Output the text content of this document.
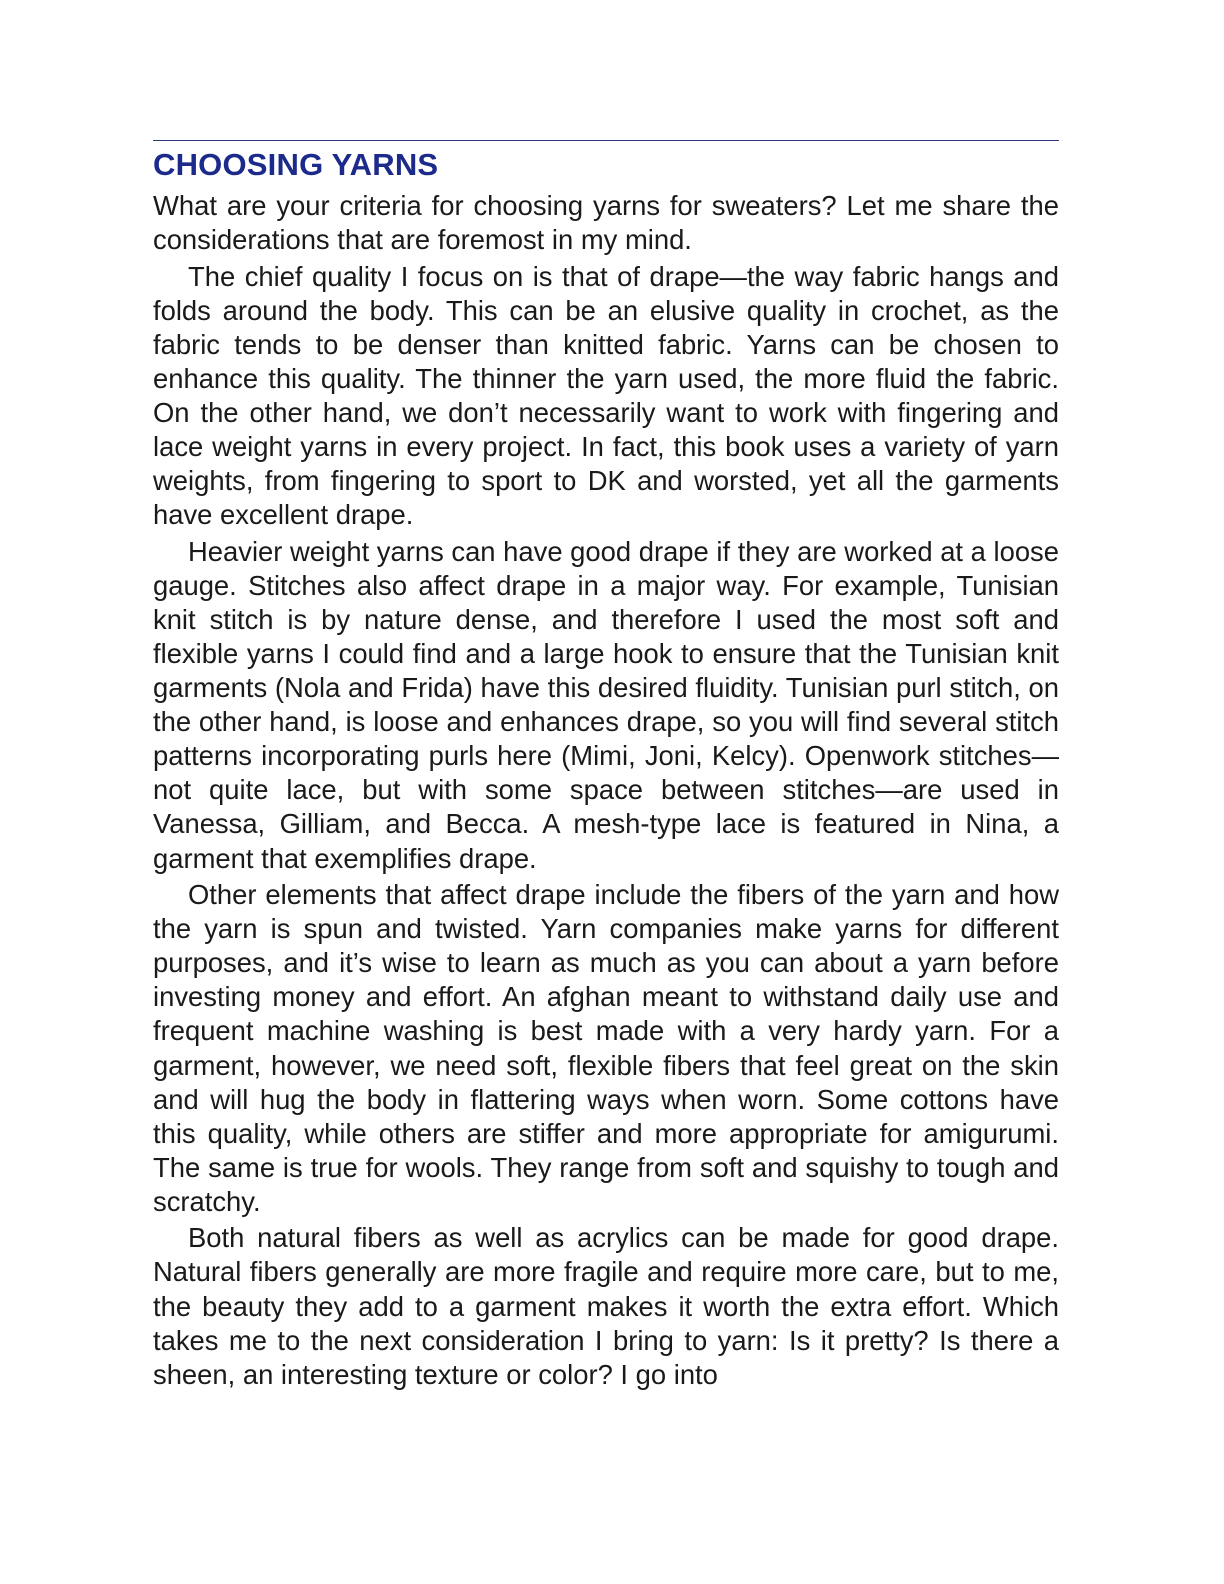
CHOOSING YARNS

What are your criteria for choosing yarns for sweaters? Let me share the considerations that are foremost in my mind.

The chief quality I focus on is that of drape—the way fabric hangs and folds around the body. This can be an elusive quality in crochet, as the fabric tends to be denser than knitted fabric. Yarns can be chosen to enhance this quality. The thinner the yarn used, the more fluid the fabric. On the other hand, we don’t necessarily want to work with fingering and lace weight yarns in every project. In fact, this book uses a variety of yarn weights, from fingering to sport to DK and worsted, yet all the garments have excellent drape.

Heavier weight yarns can have good drape if they are worked at a loose gauge. Stitches also affect drape in a major way. For example, Tunisian knit stitch is by nature dense, and therefore I used the most soft and flexible yarns I could find and a large hook to ensure that the Tunisian knit garments (Nola and Frida) have this desired fluidity. Tunisian purl stitch, on the other hand, is loose and enhances drape, so you will find several stitch patterns incorporating purls here (Mimi, Joni, Kelcy). Openwork stitches—not quite lace, but with some space between stitches—are used in Vanessa, Gilliam, and Becca. A mesh-type lace is featured in Nina, a garment that exemplifies drape.

Other elements that affect drape include the fibers of the yarn and how the yarn is spun and twisted. Yarn companies make yarns for different purposes, and it’s wise to learn as much as you can about a yarn before investing money and effort. An afghan meant to withstand daily use and frequent machine washing is best made with a very hardy yarn. For a garment, however, we need soft, flexible fibers that feel great on the skin and will hug the body in flattering ways when worn. Some cottons have this quality, while others are stiffer and more appropriate for amigurumi. The same is true for wools. They range from soft and squishy to tough and scratchy.

Both natural fibers as well as acrylics can be made for good drape. Natural fibers generally are more fragile and require more care, but to me, the beauty they add to a garment makes it worth the extra effort. Which takes me to the next consideration I bring to yarn: Is it pretty? Is there a sheen, an interesting texture or color? I go into
